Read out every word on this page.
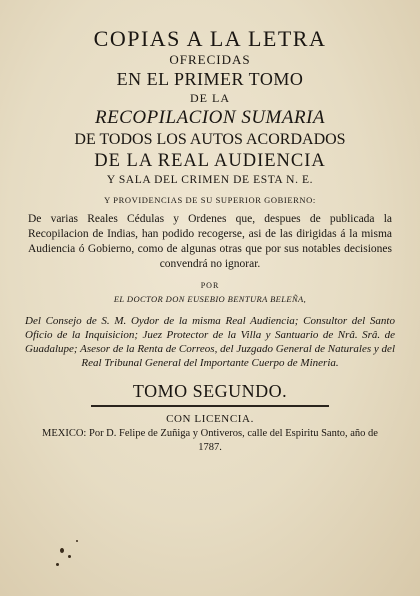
COPIAS A LA LETRA
OFRECIDAS
EN EL PRIMER TOMO
DE LA
RECOPILACION SUMARIA
DE TODOS LOS AUTOS ACORDADOS
DE LA REAL AUDIENCIA
Y SALA DEL CRIMEN DE ESTA N. E.
Y PROVIDENCIAS DE SU SUPERIOR GOBIERNO:
De varias Reales Cédulas y Ordenes que, despues de publicada la Recopilacion de Indias, han podido recogerse, asi de las dirigidas á la misma Audiencia ó Gobierno, como de algunas otras que por sus notables decisiones convendrá no ignorar.
POR
EL DOCTOR DON EUSEBIO BENTURA BELEÑA,
Del Consejo de S. M. Oydor de la misma Real Audiencia; Consultor del Santo Oficio de la Inquisicion; Juez Protector de la Villa y Santuario de Nrâ. Srâ. de Guadalupe; Asesor de la Renta de Correos, del Juzgado General de Naturales y del Real Tribunal General del Importante Cuerpo de Mineria.
TOMO SEGUNDO.
CON LICENCIA.
MEXICO: Por D. Felipe de Zuñiga y Ontiveros, calle del Espiritu Santo, año de 1787.
